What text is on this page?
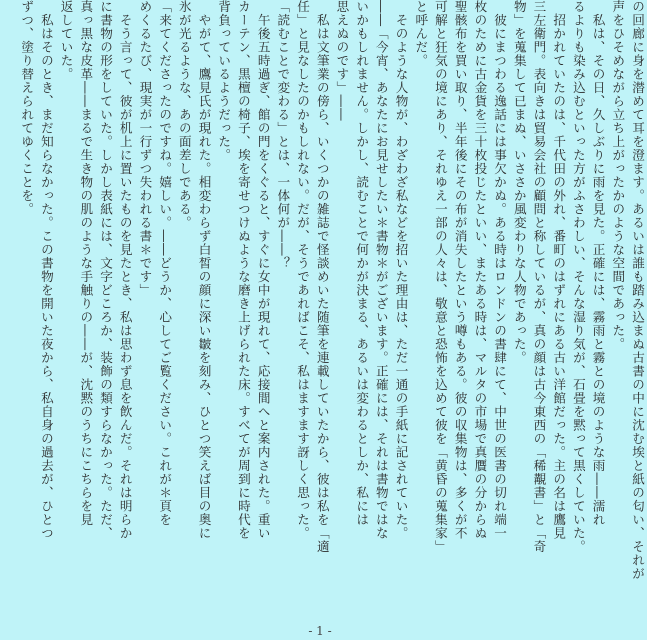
の回廊に身を潜めて耳を澄ます。あるいは誰も踏み込まぬ古書の中に沈む埃と紙の匂い、それが
声をひそめながら立ち上がったかのような空間であった。
　私は、その日、久しぶりに雨を見た。正確には、霧雨と霧との境のような雨――濡れ
るよりも染み込むといった方がふさわしい、そんな湿り気が、石畳を黙って黒くしていた。
　招かれていたのは、千代田の外れ、番町のはずれにある古い洋館だった。主の名は鷹見
三左衛門。表向きは貿易会社の顧問と称しているが、真の顔は古今東西の「稀覯書」と「奇
物」を蒐集して已まぬ、いささか風変わりな人物であった。
　彼にまつわる逸話には事欠かぬ。ある時はロンドンの書肆にて、中世の医書の切れ端一
枚のために古金貨を三十枚投じたといい、またある時は、マルタの市場で真贋の分からぬ
聖骸布を買い取り、半年後にその布が消失したという噂もある。彼の収集物は、多くが不
可解と狂気の境にあり、それゆえ一部の人々は、敬意と恐怖を込めて彼を「黄昏の蒐集家」
と呼んだ。
　そのような人物が、わざわざ私などを招いた理由は、ただ一通の手紙に記されていた。
――「今宵、あなたにお見せしたい＊書物＊がございます。正確には、それは書物ではな
いかもしれません。しかし、読むことで何かが決まる、あるいは変わるとしか、私には
思えぬのです」――
　私は文筆業の傍ら、いくつかの雑誌で怪談めいた随筆を連載していたから、彼は私を「適
任」と見なしたのかもしれない。だが、そうであればこそ、私はますます訝しく思った。
「読むことで変わる」とは、一体何が――？
　午後五時過ぎ、館の門をくぐると、すぐに女中が現れて、応接間へと案内された。重い
カーテン、黒檀の椅子、埃を寄せつけぬような磨き上げられた床。すべてが周到に時代を
背負っているようだった。
　やがて、鷹見氏が現れた。相変わらず白皙の顔に深い皺を刻み、ひとつ笑えば目の奥に
氷が光るような、あの面差しである。
「来てくださったのですね。嬉しい。――どうか、心してご覧ください。これが＊頁を
めくるたび、現実が一行ずつ失われる書＊です」
　そう言って、彼が机上に置いたものを見たとき、私は思わず息を飲んだ。それは明らか
に書物の形をしていた。しかし表紙には、文字どころか、装飾の類すらなかった。ただ、
真っ黒な皮革――まるで生き物の肌のような手触りの――が、沈黙のうちにこちらを見
返していた。
　私はそのとき、まだ知らなかった。この書物を開いた夜から、私自身の過去が、ひとつ
ずつ、塗り替えられてゆくことを。
- 1 -
